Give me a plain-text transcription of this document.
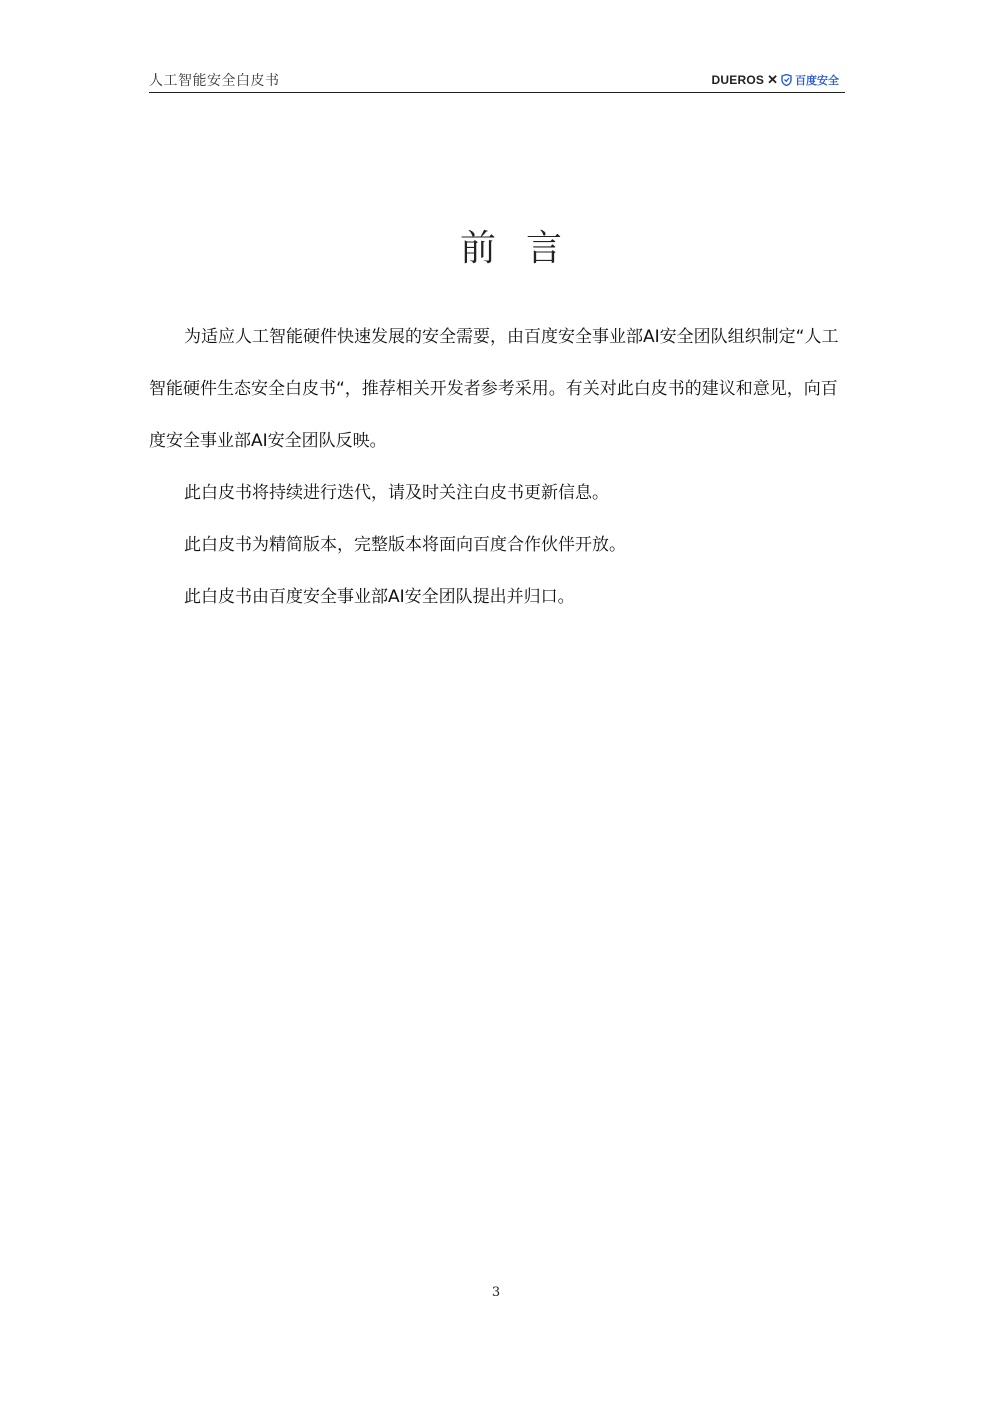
人工智能安全白皮书	DUEROS ✕ 百度安全
前言

为适应人工智能硬件快速发展的安全需要，由百度安全事业部AI安全团队组织制定“人工智能硬件生态安全白皮书“，推荐相关开发者参考采用。有关对此白皮书的建议和意见，向百度安全事业部AI安全团队反映。

此白皮书将持续进行迭代，请及时关注白皮书更新信息。

此白皮书为精简版本，完整版本将面向百度合作伙伴开放。

此白皮书由百度安全事业部AI安全团队提出并归口。

3
